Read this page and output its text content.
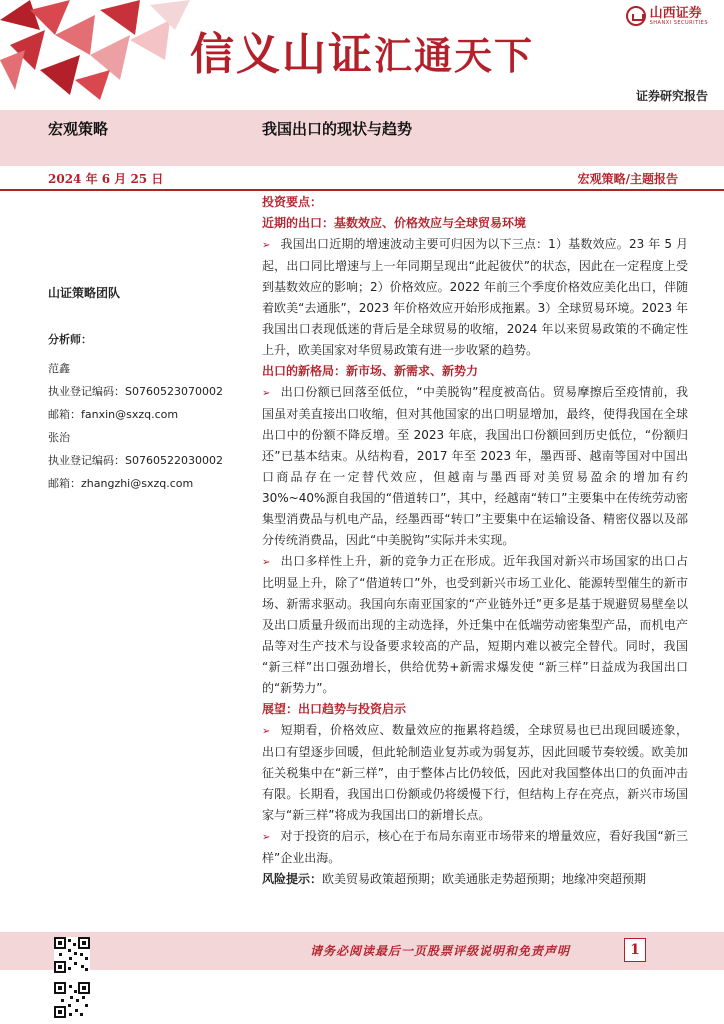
信义山证汇通天下
山西证券
SHANXI SECURITIES
证券研究报告
宏观策略	我国出口的现状与趋势
2024 年 6 月 25 日	宏观策略/主题报告
山证策略团队
分析师：
范鑫
执业登记编码：S0760523070002
邮箱：fanxin@sxzq.com
张治
执业登记编码：S0760522030002
邮箱：zhangzhi@sxzq.com
投资要点：
近期的出口：基数效应、价格效应与全球贸易环境
➢ 我国出口近期的增速波动主要可归因为以下三点：1）基数效应。23 年 5 月起，出口同比增速与上一年同期呈现出“此起彼伏”的状态，因此在一定程度上受到基数效应的影响；2）价格效应。2022 年前三个季度价格效应美化出口，伴随着欧美“去通胀”，2023 年价格效应开始形成拖累。3）全球贸易环境。2023 年我国出口表现低迷的背后是全球贸易的收缩，2024 年以来贸易政策的不确定性上升，欧美国家对华贸易政策有进一步收紧的趋势。
出口的新格局：新市场、新需求、新势力
➢ 出口份额已回落至低位，“中美脱钩”程度被高估。贸易摩擦后至疫情前，我国虽对美直接出口收缩，但对其他国家的出口明显增加，最终，使得我国在全球出口中的份额不降反增。至 2023 年底，我国出口份额回到历史低位，“份额归还”已基本结束。从结构看，2017 年至 2023 年，墨西哥、越南等国对中国出口商品存在一定替代效应，但越南与墨西哥对美贸易盈余的增加有约 30%~40%源自我国的“借道转口”，其中，经越南“转口”主要集中在传统劳动密集型消费品与机电产品，经墨西哥“转口”主要集中在运输设备、精密仪器以及部分传统消费品，因此“中美脱钩”实际并未实现。
➢ 出口多样性上升，新的竞争力正在形成。近年我国对新兴市场国家的出口占比明显上升，除了“借道转口”外，也受到新兴市场工业化、能源转型催生的新市场、新需求驱动。我国向东南亚国家的“产业链外迁”更多是基于规避贸易壁垒以及出口质量升级而出现的主动选择，外迁集中在低端劳动密集型产品，而机电产品等对生产技术与设备要求较高的产品，短期内难以被完全替代。同时，我国 “新三样”出口强劲增长，供给优势+新需求爆发使 “新三样”日益成为我国出口的“新势力”。
展望：出口趋势与投资启示
➢ 短期看，价格效应、数量效应的拖累将趋缓，全球贸易也已出现回暖迹象，出口有望逐步回暖，但此轮制造业复苏或为弱复苏，因此回暖节奏较缓。欧美加征关税集中在“新三样”，由于整体占比仍较低，因此对我国整体出口的负面冲击有限。长期看，我国出口份额或仍将缓慢下行，但结构上存在亮点，新兴市场国家与“新三样”将成为我国出口的新增长点。
➢ 对于投资的启示，核心在于布局东南亚市场带来的增量效应，看好我国“新三样”企业出海。
风险提示：欧美贸易政策超预期；欧美通胀走势超预期；地缘冲突超预期
请务必阅读最后一页股票评级说明和免责声明	1
